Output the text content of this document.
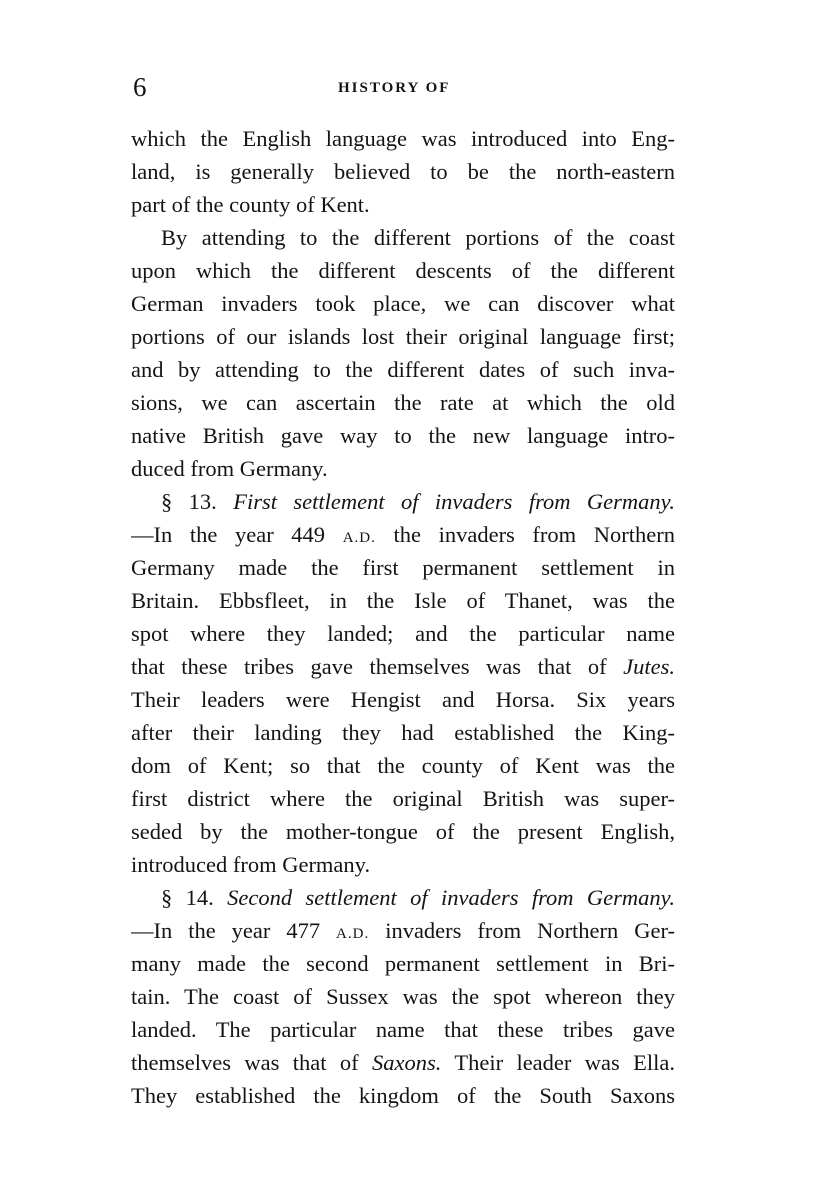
6	HISTORY OF
which the English language was introduced into Eng-
land, is generally believed to be the north-eastern
part of the county of Kent.
By attending to the different portions of the coast
upon which the different descents of the different
German invaders took place, we can discover what
portions of our islands lost their original language first;
and by attending to the different dates of such inva-
sions, we can ascertain the rate at which the old
native British gave way to the new language intro-
duced from Germany.
§ 13. First settlement of invaders from Germany.
—In the year 449 A.D. the invaders from Northern
Germany made the first permanent settlement in
Britain. Ebbsfleet, in the Isle of Thanet, was the
spot where they landed; and the particular name
that these tribes gave themselves was that of Jutes.
Their leaders were Hengist and Horsa. Six years
after their landing they had established the King-
dom of Kent; so that the county of Kent was the
first district where the original British was super-
seded by the mother-tongue of the present English,
introduced from Germany.
§ 14. Second settlement of invaders from Germany.
—In the year 477 A.D. invaders from Northern Ger-
many made the second permanent settlement in Bri-
tain. The coast of Sussex was the spot whereon they
landed. The particular name that these tribes gave
themselves was that of Saxons. Their leader was Ella.
They established the kingdom of the South Saxons
